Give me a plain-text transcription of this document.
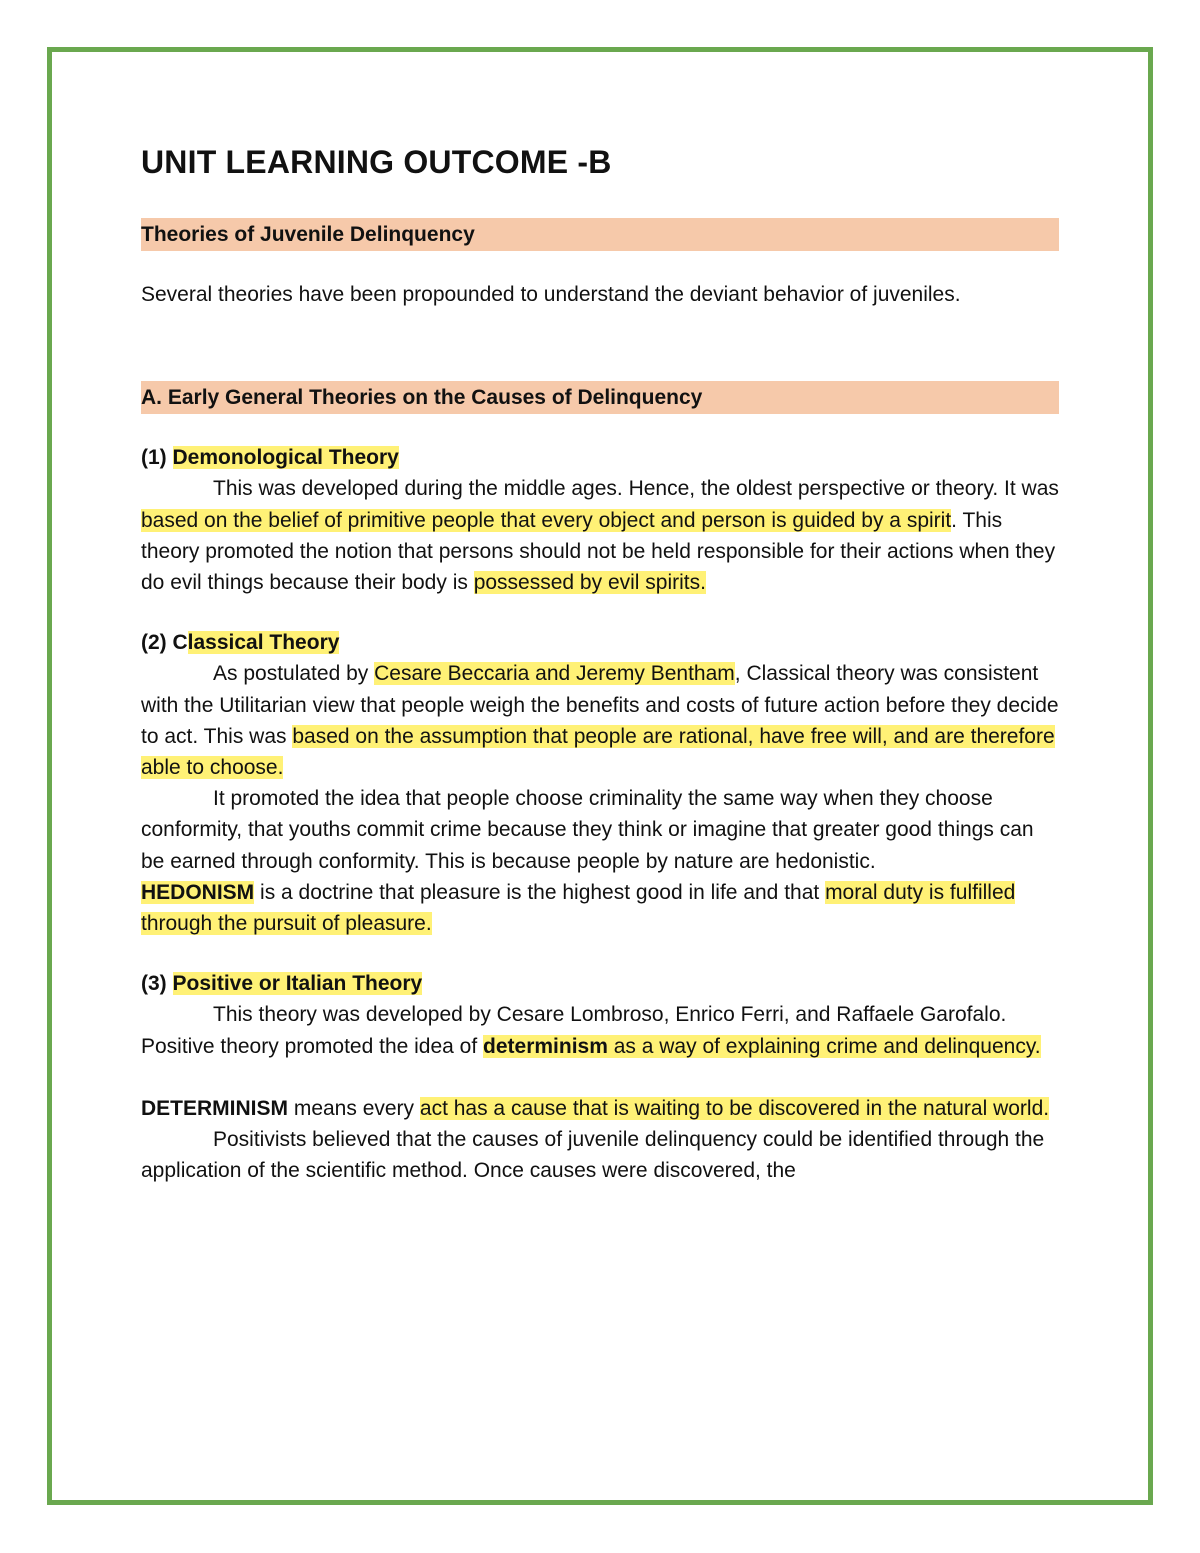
UNIT LEARNING OUTCOME -B
Theories of Juvenile Delinquency

Several theories have been propounded to understand the deviant behavior of juveniles.

A. Early General Theories on the Causes of Delinquency

(1) Demonological Theory

This was developed during the middle ages. Hence, the oldest perspective or theory. It was based on the belief of primitive people that every object and person is guided by a spirit. This theory promoted the notion that persons should not be held responsible for their actions when they do evil things because their body is possessed by evil spirits.

(2) Classical Theory

As postulated by Cesare Beccaria and Jeremy Bentham, Classical theory was consistent with the Utilitarian view that people weigh the benefits and costs of future action before they decide to act. This was based on the assumption that people are rational, have free will, and are therefore able to choose.

It promoted the idea that people choose criminality the same way when they choose conformity, that youths commit crime because they think or imagine that greater good things can be earned through conformity. This is because people by nature are hedonistic.

HEDONISM is a doctrine that pleasure is the highest good in life and that moral duty is fulfilled through the pursuit of pleasure.

(3) Positive or Italian Theory

This theory was developed by Cesare Lombroso, Enrico Ferri, and Raffaele Garofalo. Positive theory promoted the idea of determinism as a way of explaining crime and delinquency.

DETERMINISM means every act has a cause that is waiting to be discovered in the natural world.

Positivists believed that the causes of juvenile delinquency could be identified through the application of the scientific method. Once causes were discovered, the
